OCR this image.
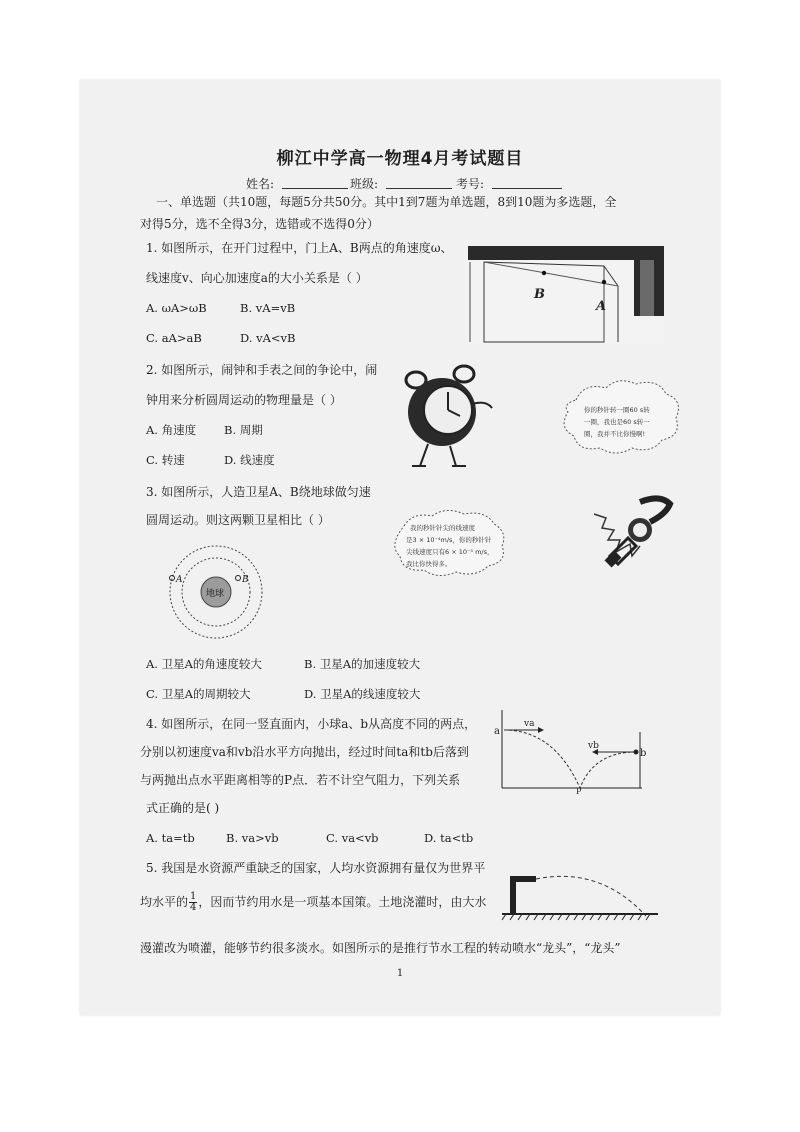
柳江中学高一物理4月考试题目
姓名:	班级:	考号:
一、单选题（共10题，每题5分共50分。其中1到7题为单选题，8到10题为多选题，全
对得5分，选不全得3分，选错或不选得0分）
1. 如图所示，在开门过程中，门上A、B两点的角速度ω、
线速度v、向心加速度a的大小关系是（ ）
A. ωA>ωB	B. vA=vB
C. aA>aB	D. vA<vB
B
A
2. 如图所示，闹钟和手表之间的争论中，闹
钟用来分析圆周运动的物理量是（ ）
A. 角速度 B. 周期
C. 转速	D. 线速度
你的秒针转一圈60 s转
一圈，我也是60 s转一
圈，我并不比你慢啊!
我的秒针针尖的线速度
是3 × 10⁻⁴m/s，你的秒针针
尖线速度只有6 × 10⁻⁵ m/s，
我比你快得多。
3. 如图所示，人造卫星A、B绕地球做匀速
圆周运动。则这两颗卫星相比（ ）
地球
A	B
A. 卫星A的角速度较大	B. 卫星A的加速度较大
C. 卫星A的周期较大	D. 卫星A的线速度较大
4. 如图所示，在同一竖直面内，小球a、b从高度不同的两点，
分别以初速度va和vb沿水平方向抛出，经过时间ta和tb后落到
与两抛出点水平距离相等的P点．若不计空气阻力，下列关系
式正确的是( )
A. ta=tb	B. va>vb	C. va<vb	D. ta<tb
a
va
vb
b
P
5. 我国是水资源严重缺乏的国家，人均水资源拥有量仅为世界平
均水平的 $\frac{1}{4}$ ，因而节约用水是一项基本国策。土地浇灌时，由大水
漫灌改为喷灌，能够节约很多淡水。如图所示的是推行节水工程的转动喷水“龙头”，“龙头”
1
